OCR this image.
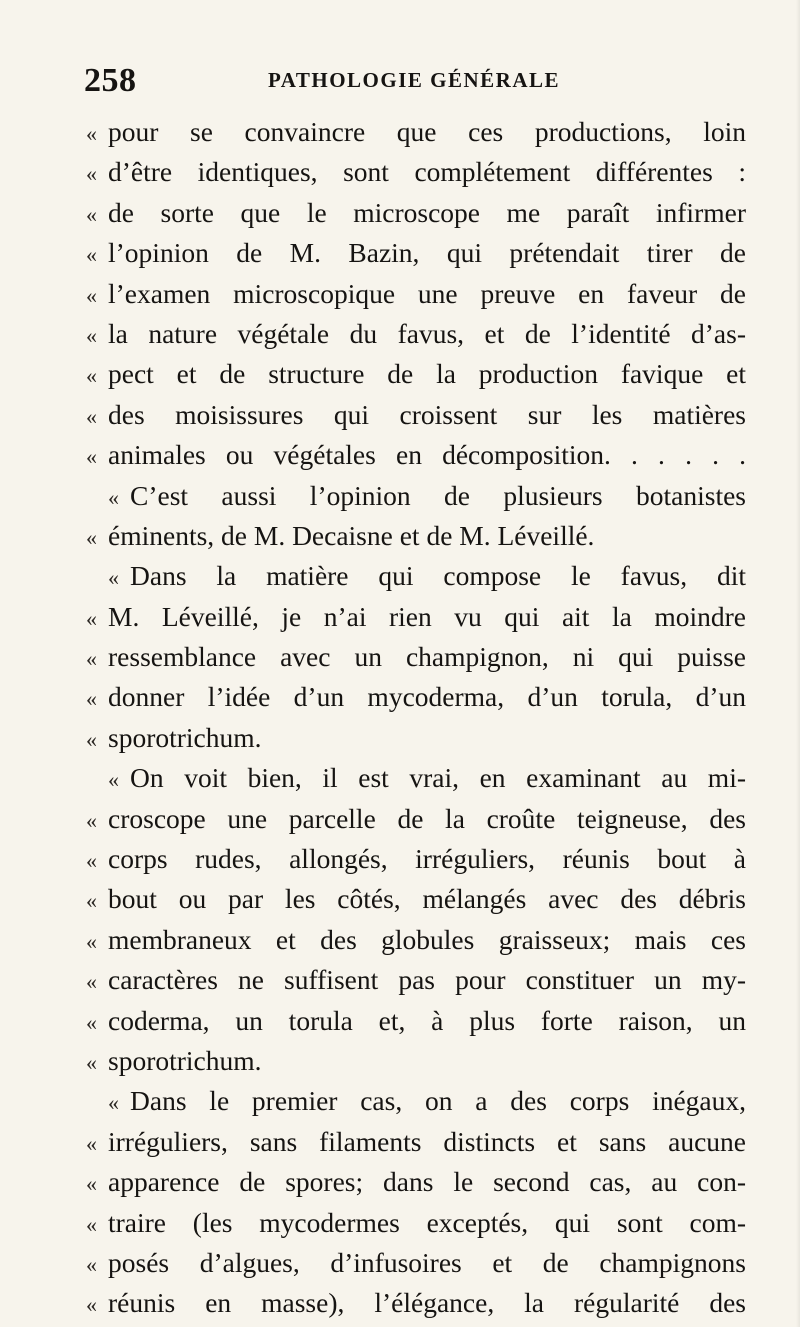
258	PATHOLOGIE GÉNÉRALE
« pour se convaincre que ces productions, loin
« d’être identiques, sont complétement différentes :
« de sorte que le microscope me paraît infirmer
« l’opinion de M. Bazin, qui prétendait tirer de
« l’examen microscopique une preuve en faveur de
« la nature végétale du favus, et de l’identité d’as-
« pect et de structure de la production favique et
« des moisissures qui croissent sur les matières
« animales ou végétales en décomposition. . . . . .
« C’est aussi l’opinion de plusieurs botanistes
« éminents, de M. Decaisne et de M. Léveillé.
« Dans la matière qui compose le favus, dit
« M. Léveillé, je n’ai rien vu qui ait la moindre
« ressemblance avec un champignon, ni qui puisse
« donner l’idée d’un mycoderma, d’un torula, d’un
« sporotrichum.
« On voit bien, il est vrai, en examinant au mi-
« croscope une parcelle de la croûte teigneuse, des
« corps rudes, allongés, irréguliers, réunis bout à
« bout ou par les côtés, mélangés avec des débris
« membraneux et des globules graisseux; mais ces
« caractères ne suffisent pas pour constituer un my-
« coderma, un torula et, à plus forte raison, un
« sporotrichum.
« Dans le premier cas, on a des corps inégaux,
« irréguliers, sans filaments distincts et sans aucune
« apparence de spores; dans le second cas, au con-
« traire (les mycodermes exceptés, qui sont com-
« posés d’algues, d’infusoires et de champignons
« réunis en masse), l’élégance, la régularité des
